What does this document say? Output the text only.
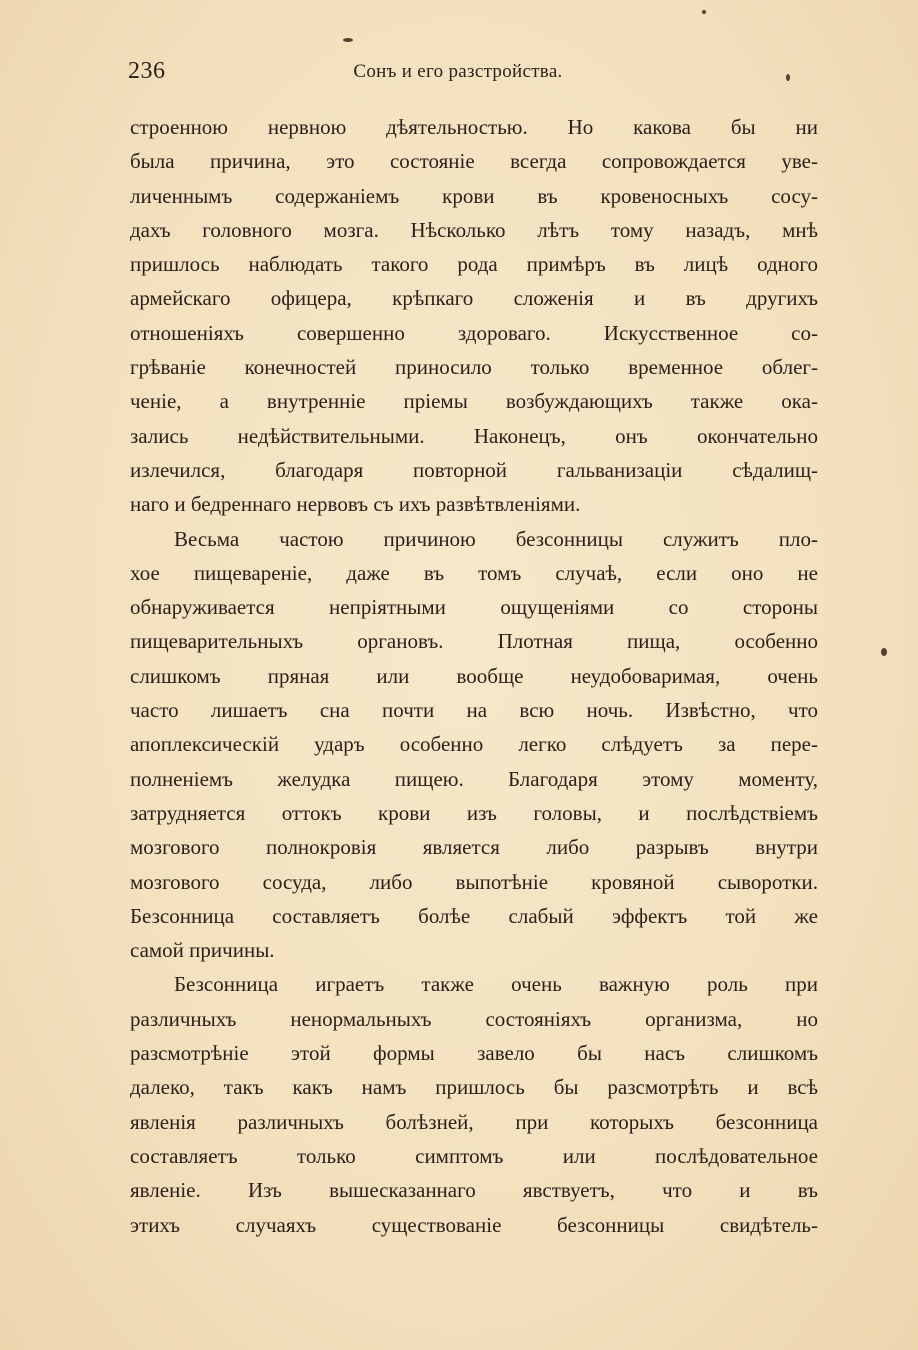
236	Сонъ и его разстройства.
строенною нервною дѣятельностью. Но какова бы ни
была причина, это состояніе всегда сопровождается уве-
личеннымъ содержаніемъ крови въ кровеносныхъ сосу-
дахъ головного мозга. Нѣсколько лѣтъ тому назадъ, мнѣ
пришлось наблюдать такого рода примѣръ въ лицѣ одного
армейскаго офицера, крѣпкаго сложенія и въ другихъ
отношеніяхъ совершенно здороваго. Искусственное со-
грѣваніе конечностей приносило только временное облег-
ченіе, а внутренніе пріемы возбуждающихъ также ока-
зались недѣйствительными. Наконецъ, онъ окончательно
излечился, благодаря повторной гальванизаціи сѣдалищ-
наго и бедреннаго нервовъ съ ихъ развѣтвленіями.
Весьма частою причиною безсонницы служитъ пло-
хое пищевареніе, даже въ томъ случаѣ, если оно не
обнаруживается непріятными ощущеніями со стороны
пищеварительныхъ органовъ. Плотная пища, особенно
слишкомъ пряная или вообще неудобоваримая, очень
часто лишаетъ сна почти на всю ночь. Извѣстно, что
апоплексическій ударъ особенно легко слѣдуетъ за пере-
полненіемъ желудка пищею. Благодаря этому моменту,
затрудняется оттокъ крови изъ головы, и послѣдствіемъ
мозгового полнокровія является либо разрывъ внутри
мозгового сосуда, либо выпотѣніе кровяной сыворотки.
Безсонница составляетъ болѣе слабый эффектъ той же
самой причины.
Безсонница играетъ также очень важную роль при
различныхъ ненормальныхъ состояніяхъ организма, но
разсмотрѣніе этой формы завело бы насъ слишкомъ
далеко, такъ какъ намъ пришлось бы разсмотрѣть и всѣ
явленія различныхъ болѣзней, при которыхъ безсонница
составляетъ только симптомъ или послѣдовательное
явленіе. Изъ вышесказаннаго явствуетъ, что и въ
этихъ случаяхъ существованіе безсонницы свидѣтель-
